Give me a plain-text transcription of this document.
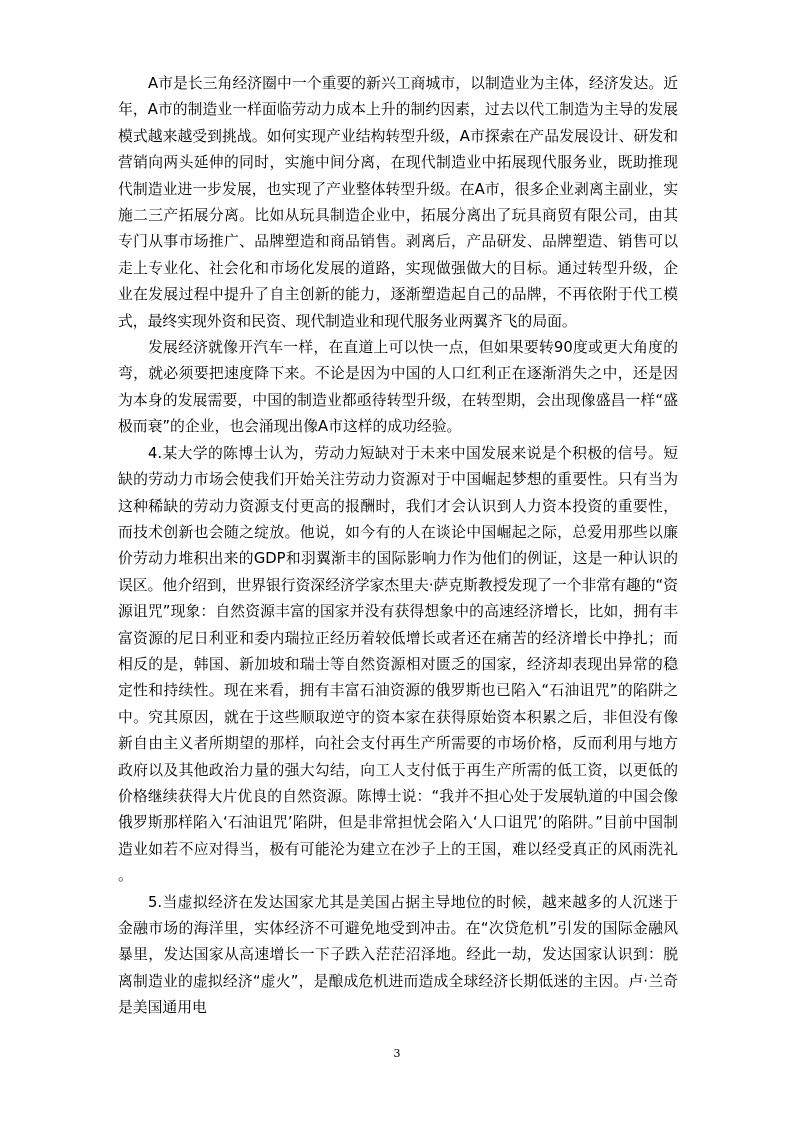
A市是长三角经济圈中一个重要的新兴工商城市，以制造业为主体，经济发达。近年，A市的制造业一样面临劳动力成本上升的制约因素，过去以代工制造为主导的发展模式越来越受到挑战。如何实现产业结构转型升级，A市探索在产品发展设计、研发和营销向两头延伸的同时，实施中间分离，在现代制造业中拓展现代服务业，既助推现代制造业进一步发展，也实现了产业整体转型升级。在A市，很多企业剥离主副业，实施二三产拓展分离。比如从玩具制造企业中，拓展分离出了玩具商贸有限公司，由其专门从事市场推广、品牌塑造和商品销售。剥离后，产品研发、品牌塑造、销售可以走上专业化、社会化和市场化发展的道路，实现做强做大的目标。通过转型升级，企业在发展过程中提升了自主创新的能力，逐渐塑造起自己的品牌，不再依附于代工模式，最终实现外资和民资、现代制造业和现代服务业两翼齐飞的局面。

发展经济就像开汽车一样，在直道上可以快一点，但如果要转90度或更大角度的弯，就必须要把速度降下来。不论是因为中国的人口红利正在逐渐消失之中，还是因为本身的发展需要，中国的制造业都亟待转型升级，在转型期，会出现像盛昌一样“盛极而衰”的企业，也会涌现出像A市这样的成功经验。

4.某大学的陈博士认为，劳动力短缺对于未来中国发展来说是个积极的信号。短缺的劳动力市场会使我们开始关注劳动力资源对于中国崛起梦想的重要性。只有当为这种稀缺的劳动力资源支付更高的报酬时，我们才会认识到人力资本投资的重要性，而技术创新也会随之绽放。他说，如今有的人在谈论中国崛起之际，总爱用那些以廉价劳动力堆积出来的GDP和羽翼渐丰的国际影响力作为他们的例证，这是一种认识的误区。他介绍到，世界银行资深经济学家杰里夫·萨克斯教授发现了一个非常有趣的“资源诅咒”现象：自然资源丰富的国家并没有获得想象中的高速经济增长，比如，拥有丰富资源的尼日利亚和委内瑞拉正经历着较低增长或者还在痛苦的经济增长中挣扎；而相反的是，韩国、新加坡和瑞士等自然资源相对匮乏的国家，经济却表现出异常的稳定性和持续性。现在来看，拥有丰富石油资源的俄罗斯也已陷入“石油诅咒”的陷阱之中。究其原因，就在于这些顺取逆守的资本家在获得原始资本积累之后，非但没有像新自由主义者所期望的那样，向社会支付再生产所需要的市场价格，反而利用与地方政府以及其他政治力量的强大勾结，向工人支付低于再生产所需的低工资，以更低的价格继续获得大片优良的自然资源。陈博士说：“我并不担心处于发展轨道的中国会像俄罗斯那样陷入‘石油诅咒’陷阱，但是非常担忧会陷入‘人口诅咒’的陷阱。”目前中国制造业如若不应对得当，极有可能沦为建立在沙子上的王国，难以经受真正的风雨洗礼。

5.当虚拟经济在发达国家尤其是美国占据主导地位的时候，越来越多的人沉迷于金融市场的海洋里，实体经济不可避免地受到冲击。在“次贷危机”引发的国际金融风暴里，发达国家从高速增长一下子跌入茫茫沼泽地。经此一劫，发达国家认识到：脱离制造业的虚拟经济“虚火”，是酿成危机进而造成全球经济长期低迷的主因。卢·兰奇是美国通用电

3
